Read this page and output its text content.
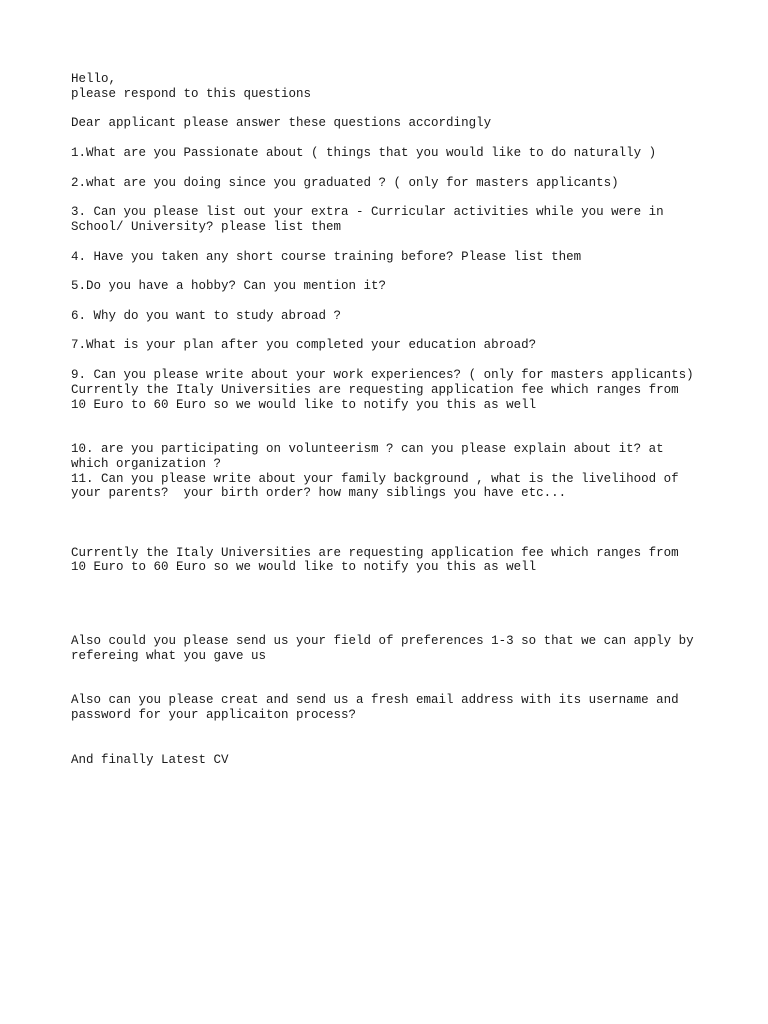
Hello,
please respond to this questions
Dear applicant please answer these questions accordingly
1.What are you Passionate about ( things that you would like to do naturally )
2.what are you doing since you graduated ? ( only for masters applicants)
3. Can you please list out your extra - Curricular activities while you were in
School/ University? please list them
4. Have you taken any short course training before? Please list them
5.Do you have a hobby? Can you mention it?
6. Why do you want to study abroad ?
7.What is your plan after you completed your education abroad?
9. Can you please write about your work experiences? ( only for masters applicants)
Currently the Italy Universities are requesting application fee which ranges from
10 Euro to 60 Euro so we would like to notify you this as well
10. are you participating on volunteerism ? can you please explain about it? at
which organization ?
11. Can you please write about your family background , what is the livelihood of
your parents?  your birth order? how many siblings you have etc...
Currently the Italy Universities are requesting application fee which ranges from
10 Euro to 60 Euro so we would like to notify you this as well
Also could you please send us your field of preferences 1-3 so that we can apply by
refereing what you gave us
Also can you please creat and send us a fresh email address with its username and
password for your applicaiton process?
And finally Latest CV
